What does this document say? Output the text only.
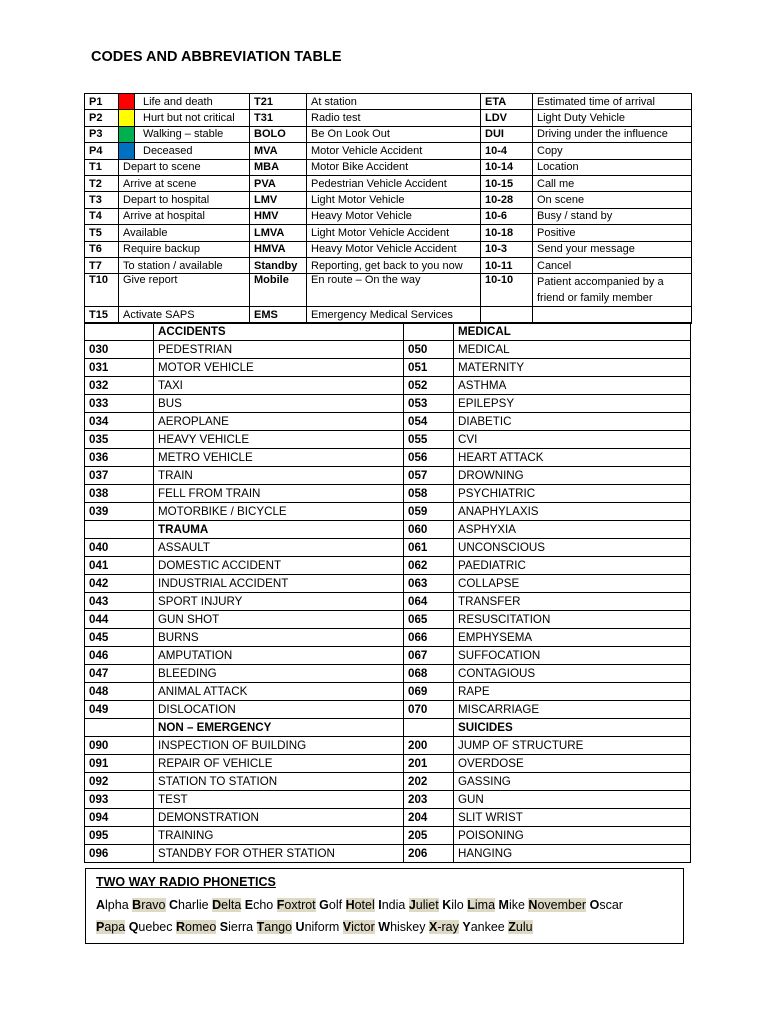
CODES AND ABBREVIATION TABLE
P1		Life and death	T21	At station	ETA	Estimated time of arrival
P2		Hurt but not critical	T31	Radio test	LDV	Light Duty Vehicle
P3		Walking – stable	BOLO	Be On Look Out	DUI	Driving under the influence
P4		Deceased	MVA	Motor Vehicle Accident	10-4	Copy
T1	Depart to scene		MBA	Motor Bike Accident	10-14	Location
T2	Arrive at scene		PVA	Pedestrian Vehicle Accident	10-15	Call me
T3	Depart to hospital		LMV	Light Motor Vehicle	10-28	On scene
T4	Arrive at hospital		HMV	Heavy Motor Vehicle	10-6	Busy / stand by
T5	Available		LMVA	Light Motor Vehicle Accident	10-18	Positive
T6	Require backup		HMVA	Heavy Motor Vehicle Accident	10-3	Send your message
T7	To station / available		Standby	Reporting, get back to you now	10-11	Cancel
T10	Give report		Mobile	En route – On the way	10-10	Patient accompanied by a friend or family member
T15	Activate SAPS		EMS	Emergency Medical Services		
	ACCIDENTS		MEDICAL
030	PEDESTRIAN	050	MEDICAL
031	MOTOR VEHICLE	051	MATERNITY
032	TAXI	052	ASTHMA
033	BUS	053	EPILEPSY
034	AEROPLANE	054	DIABETIC
035	HEAVY VEHICLE	055	CVI
036	METRO VEHICLE	056	HEART ATTACK
037	TRAIN	057	DROWNING
038	FELL FROM TRAIN	058	PSYCHIATRIC
039	MOTORBIKE / BICYCLE	059	ANAPHYLAXIS
	TRAUMA	060	ASPHYXIA
040	ASSAULT	061	UNCONSCIOUS
041	DOMESTIC ACCIDENT	062	PAEDIATRIC
042	INDUSTRIAL ACCIDENT	063	COLLAPSE
043	SPORT INJURY	064	TRANSFER
044	GUN SHOT	065	RESUSCITATION
045	BURNS	066	EMPHYSEMA
046	AMPUTATION	067	SUFFOCATION
047	BLEEDING	068	CONTAGIOUS
048	ANIMAL ATTACK	069	RAPE
049	DISLOCATION	070	MISCARRIAGE
	NON – EMERGENCY		SUICIDES
090	INSPECTION OF BUILDING	200	JUMP OF STRUCTURE
091	REPAIR OF VEHICLE	201	OVERDOSE
092	STATION TO STATION	202	GASSING
093	TEST	203	GUN
094	DEMONSTRATION	204	SLIT WRIST
095	TRAINING	205	POISONING
096	STANDBY FOR OTHER STATION	206	HANGING
TWO WAY RADIO PHONETICS
Alpha Bravo Charlie Delta Echo Foxtrot Golf Hotel India Juliet Kilo Lima Mike November Oscar
Papa Quebec Romeo Sierra Tango Uniform Victor Whiskey X-ray Yankee Zulu
